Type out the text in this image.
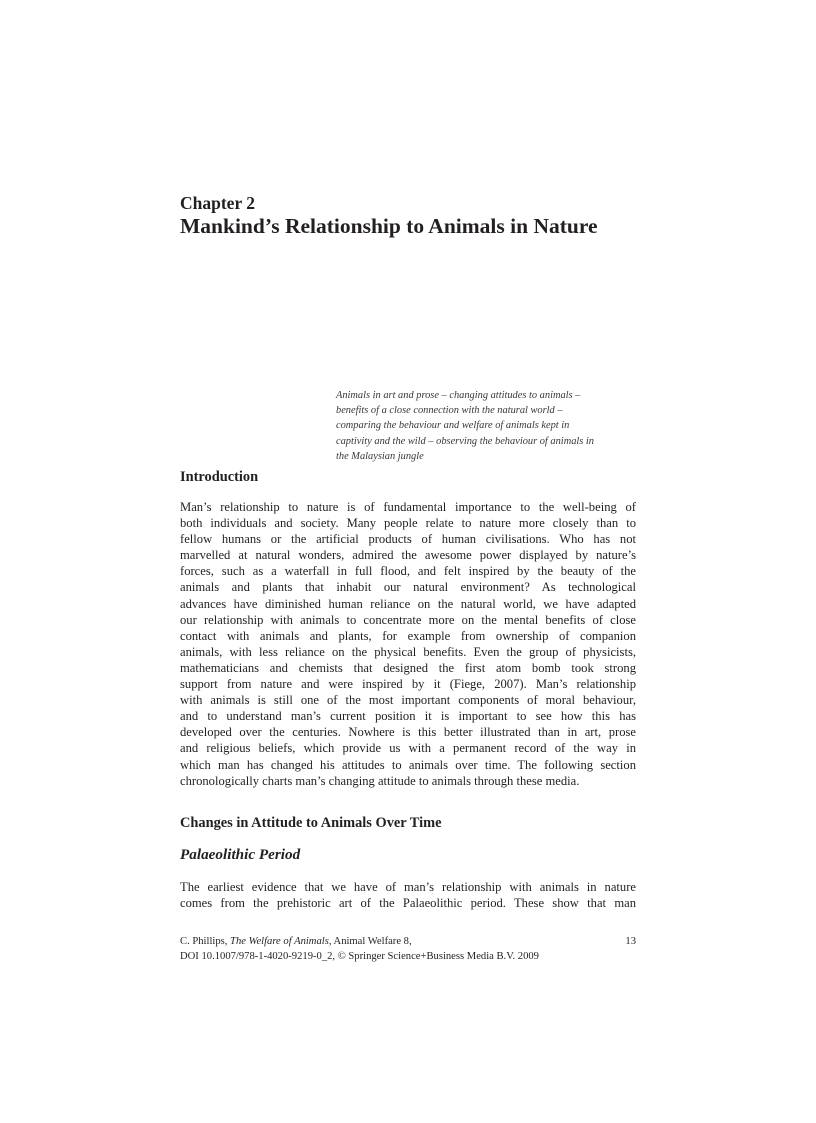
Chapter 2
Mankind’s Relationship to Animals in Nature

Animals in art and prose – changing attitudes to animals –
benefits of a close connection with the natural world –
comparing the behaviour and welfare of animals kept in
captivity and the wild – observing the behaviour of animals in
the Malaysian jungle

Introduction

Man’s relationship to nature is of fundamental importance to the well-being of
both individuals and society. Many people relate to nature more closely than to
fellow humans or the artificial products of human civilisations. Who has not
marvelled at natural wonders, admired the awesome power displayed by nature’s
forces, such as a waterfall in full flood, and felt inspired by the beauty of the
animals and plants that inhabit our natural environment? As technological
advances have diminished human reliance on the natural world, we have adapted
our relationship with animals to concentrate more on the mental benefits of close
contact with animals and plants, for example from ownership of companion
animals, with less reliance on the physical benefits. Even the group of physicists,
mathematicians and chemists that designed the first atom bomb took strong
support from nature and were inspired by it (Fiege, 2007). Man’s relationship
with animals is still one of the most important components of moral behaviour,
and to understand man’s current position it is important to see how this has
developed over the centuries. Nowhere is this better illustrated than in art, prose
and religious beliefs, which provide us with a permanent record of the way in
which man has changed his attitudes to animals over time. The following section
chronologically charts man’s changing attitude to animals through these media.

Changes in Attitude to Animals Over Time
Palaeolithic Period

The earliest evidence that we have of man’s relationship with animals in nature
comes from the prehistoric art of the Palaeolithic period. These show that man

C. Phillips, The Welfare of Animals, Animal Welfare 8,	13
DOI 10.1007/978-1-4020-9219-0_2, © Springer Science+Business Media B.V. 2009
